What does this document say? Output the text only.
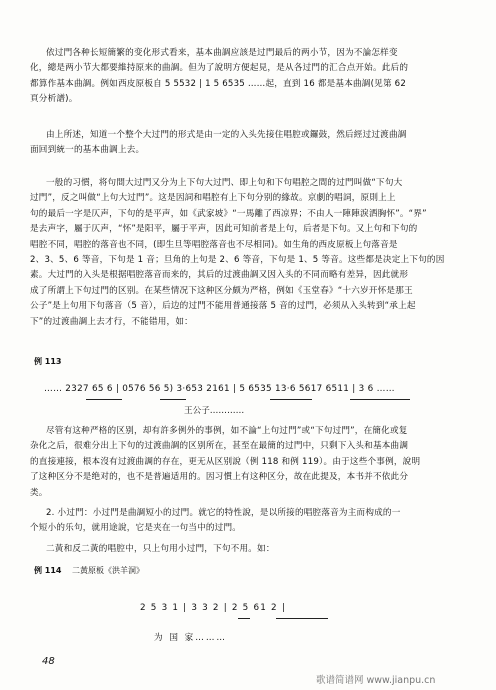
依过門各种长短簡繁的变化形式看来，基本曲調应該是过門最后的两小节，因为不論怎样变
化，總是两小节大都要維持原来的曲調。但为了說明方便起見，是从各过門的汇合点开始。此后的
都算作基本曲調。例如西皮原板自 5 5532 | 1 5 6535 ……起，直到 16 都是基本曲調(见第 62
頁分析譜)。
由上所述，知道一个整个大过門的形式是由一定的入头先接住唱腔或鑼鼓，然后經过过渡曲調
面回到統一的基本曲調上去。
一般的习慣，将句間大过門又分为上下句大过門、即上句和下句唱腔之間的过門叫做“下句大
过門”，反之叫做“上句大过門”。这是因詞和唱腔有上下句分别的緣故。京劇的唱詞，原則上上
句的最后一字是仄声，下句的是平声，如《武家坡》“一馬離了西凉界；不由人一陣陣淚洒胸怀”。“界”
是去声字，屬于仄声，“怀”是阳平，屬于平声，因此可知前者是上句，后者是下句。又上句和下句的
唱腔不同，唱腔的落音也不同，(即生旦等唱腔落音也不尽相同)。如生角的西皮原板上句落音是
2、3、5、6 等音，下句是 1 音；旦角的上句是 2、6 等音，下句是 1、5 等音。这些都是决定上下句的因
素。大过門的入头是根据唱腔落音而来的，其后的过渡曲調又因入头的不同而略有差异，因此就形
成了所謂上下句过門的区别。在某些情况下这种区分颇为严格，例如《玉堂春》“十六岁开怀是那王
公子”是上句用下句落音（5 音），后边的过門不能用普通接落 5 音的过門，必须从入头转到“承上起
下”的过渡曲調上去才行，不能错用，如：
例 113
…… 2327 65 6 | 0576 56 5) 3·653 2161 | 5 6535 13·6 5617 6511 | 3 6 ……
王公子…………
尽管有这种严格的区别，却有許多例外的事例，如不論“上句过門”或“下句过門”，在簡化或复
杂化之后，很难分出上下句的过渡曲調的区别所在，甚至在最簡的过門中，只剩下入头和基本曲調
的直接連接，根本沒有过渡曲調的存在，更无从区别說（例 118 和例 119）。由于这些个事例，說明
了这种区分不是绝对的，也不是普遍适用的。因习慣上有这种区分，故在此提及，本书并不依此分
类。
2. 小过門：小过門是曲調短小的过門。就它的特性說，是以所接的唱腔落音为主而构成的一
个短小的乐句，就用途說，它是夹在一句当中的过門。
二黃和反二黃的唱腔中，只上句用小过門，下句不用。如：
例 114 二黃原板《洪羊洞》
2 5 3 1 | 3 3 2 | 2 5 61 2 |
为 国 家………
48
歌谱简谱网 www.jianpu.cn
